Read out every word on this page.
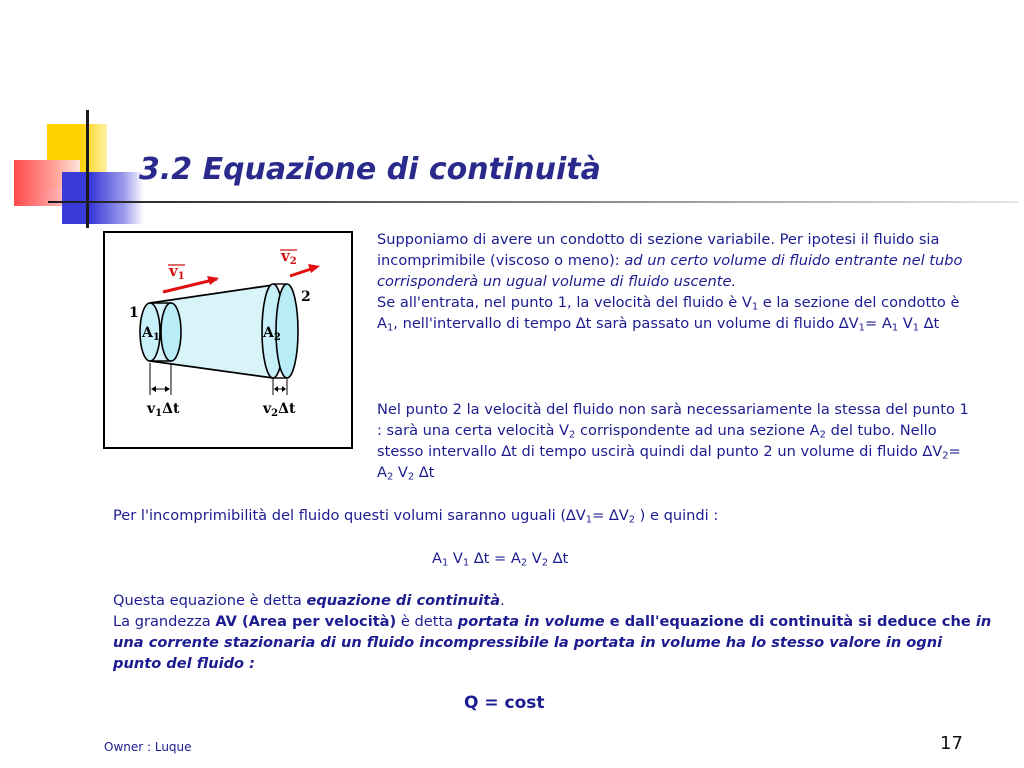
3.2 Equazione di continuità
$v_1$
$v_2$
1
2
$A_1$	$A_2$
$v_1\Delta t$	$v_2\Delta t$

Supponiamo di avere un condotto di sezione variabile. Per ipotesi il fluido sia incomprimibile (viscoso o meno): ad un certo volume di fluido entrante nel tubo corrisponderà un ugual volume di fluido uscente.
Se all'entrata, nel punto 1, la velocità del fluido è $V_1$ e la sezione del condotto è $A_1$, nell'intervallo di tempo ∆t sarà passato un volume di fluido $\Delta V_1= A_1$ $V_1$ ∆t

Nel punto 2 la velocità del fluido non sarà necessariamente la stessa del punto 1 : sarà una certa velocità $V_2$ corrispondente ad una sezione $A_2$ del tubo. Nello stesso intervallo ∆t di tempo uscirà quindi dal punto 2 un volume di fluido $\Delta V_2= A_2$ $V_2$ ∆t

Per l'incomprimibilità del fluido questi volumi saranno uguali ($\Delta V_1= \Delta V_2$ ) e quindi :

$A_1$ $V_1$ $\Delta t = A_2$ $V_2$ ∆t

Questa equazione è detta equazione di continuità.
La grandezza AV (Area per velocità) è detta portata in volume e dall'equazione di continuità si deduce che in una corrente stazionaria di un fluido incompressibile la portata in volume ha lo stesso valore in ogni punto del fluido :

Q = cost

Owner : Luque	17
